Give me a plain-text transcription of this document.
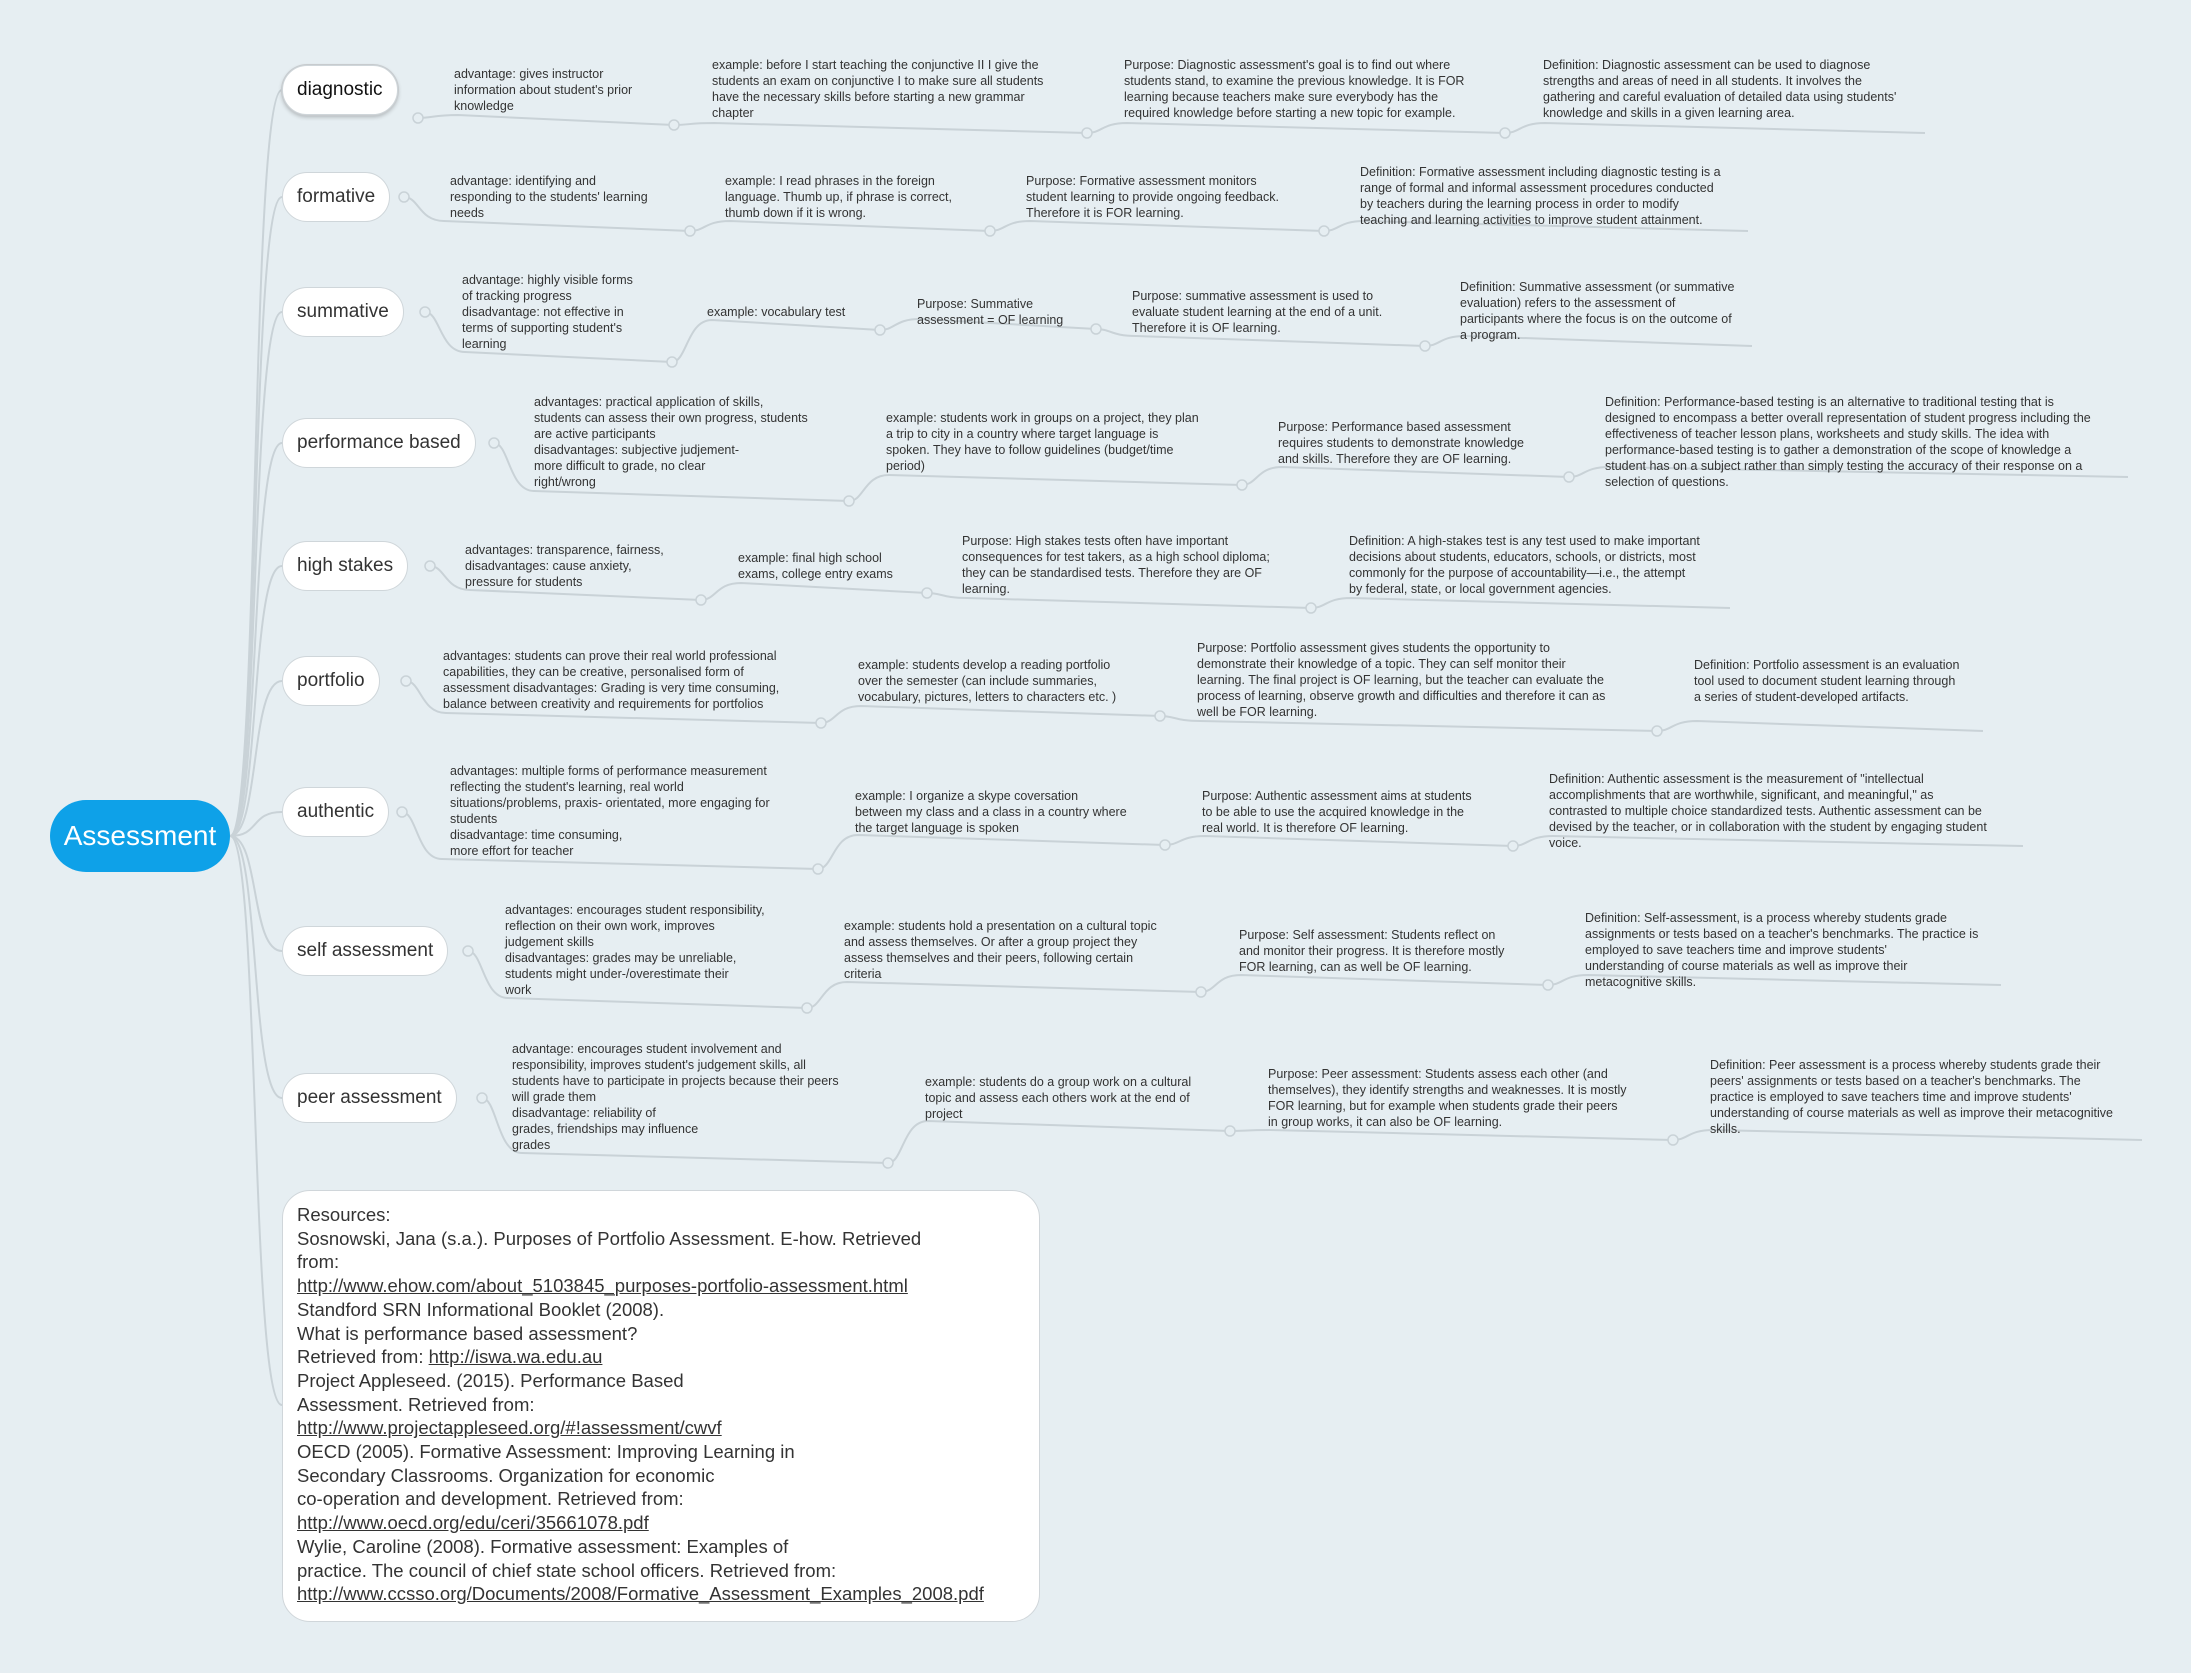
Assessment
diagnostic
advantage: gives instructor
information about student's prior
knowledge
example: before I start teaching the conjunctive II I give the
students an exam on conjunctive I to make sure all students
have the necessary skills before starting a new grammar
chapter
Purpose: Diagnostic assessment's goal is to find out where
students stand, to examine the previous knowledge. It is FOR
learning because teachers make sure everybody has the
required knowledge before starting a new topic for example.
Definition: Diagnostic assessment can be used to diagnose
strengths and areas of need in all students. It involves the
gathering and careful evaluation of detailed data using students'
knowledge and skills in a given learning area.
formative
advantage: identifying and
responding to the students' learning
needs
example: I read phrases in the foreign
language. Thumb up, if phrase is correct,
thumb down if it is wrong.
Purpose: Formative assessment monitors
student learning to provide ongoing feedback.
Therefore it is FOR learning.
Definition: Formative assessment including diagnostic testing is a
range of formal and informal assessment procedures conducted
by teachers during the learning process in order to modify
teaching and learning activities to improve student attainment.
summative
advantage: highly visible forms
of tracking progress
disadvantage: not effective in
terms of supporting student's
learning
example: vocabulary test
Purpose: Summative
assessment = OF learning
Purpose: summative assessment is used to
evaluate student learning at the end of a unit.
Therefore it is OF learning.
Definition: Summative assessment (or summative
evaluation) refers to the assessment of
participants where the focus is on the outcome of
a program.
performance based
advantages: practical application of skills,
students can assess their own progress, students
are active participants
disadvantages: subjective judjement-
more difficult to grade, no clear
right/wrong
example: students work in groups on a project, they plan
a trip to city in a country where target language is
spoken. They have to follow guidelines (budget/time
period)
Purpose: Performance based assessment
requires students to demonstrate knowledge
and skills. Therefore they are OF learning.
Definition: Performance-based testing is an alternative to traditional testing that is
designed to encompass a better overall representation of student progress including the
effectiveness of teacher lesson plans, worksheets and study skills. The idea with
performance-based testing is to gather a demonstration of the scope of knowledge a
student has on a subject rather than simply testing the accuracy of their response on a
selection of questions.
high stakes
advantages: transparence, fairness,
disadvantages: cause anxiety,
pressure for students
example: final high school
exams, college entry exams
Purpose: High stakes tests often have important
consequences for test takers, as a high school diploma;
they can be standardised tests. Therefore they are OF
learning.
Definition: A high-stakes test is any test used to make important
decisions about students, educators, schools, or districts, most
commonly for the purpose of accountability—i.e., the attempt
by federal, state, or local government agencies.
portfolio
advantages: students can prove their real world professional
capabilities, they can be creative, personalised form of
assessment disadvantages: Grading is very time consuming,
balance between creativity and requirements for portfolios
example: students develop a reading portfolio
over the semester (can include summaries,
vocabulary, pictures, letters to characters etc. )
Purpose: Portfolio assessment gives students the opportunity to
demonstrate their knowledge of a topic. They can self monitor their
learning. The final project is OF learning, but the teacher can evaluate the
process of learning, observe growth and difficulties and therefore it can as
well be FOR learning.
Definition: Portfolio assessment is an evaluation
tool used to document student learning through
a series of student-developed artifacts.
authentic
advantages: multiple forms of performance measurement
reflecting the student's learning, real world
situations/problems, praxis- orientated, more engaging for
students
disadvantage: time consuming,
more effort for teacher
example: I organize a skype coversation
between my class and a class in a country where
the target language is spoken
Purpose: Authentic assessment aims at students
to be able to use the acquired knowledge in the
real world. It is therefore OF learning.
Definition: Authentic assessment is the measurement of "intellectual
accomplishments that are worthwhile, significant, and meaningful," as
contrasted to multiple choice standardized tests. Authentic assessment can be
devised by the teacher, or in collaboration with the student by engaging student
voice.
self assessment
advantages: encourages student responsibility,
reflection on their own work, improves
judgement skills
disadvantages: grades may be unreliable,
students might under-/overestimate their
work
example: students hold a presentation on a cultural topic
and assess themselves. Or after a group project they
assess themselves and their peers, following certain
criteria
Purpose: Self assessment: Students reflect on
and monitor their progress. It is therefore mostly
FOR learning, can as well be OF learning.
Definition: Self-assessment, is a process whereby students grade
assignments or tests based on a teacher's benchmarks. The practice is
employed to save teachers time and improve students'
understanding of course materials as well as improve their
metacognitive skills.
peer assessment
advantage: encourages student involvement and
responsibility, improves student's judgement skills, all
students have to participate in projects because their peers
will grade them
disadvantage: reliability of
grades, friendships may influence
grades
example: students do a group work on a cultural
topic and assess each others work at the end of
project
Purpose: Peer assessment: Students assess each other (and
themselves), they identify strengths and weaknesses. It is mostly
FOR learning, but for example when students grade their peers
in group works, it can also be OF learning.
Definition: Peer assessment is a process whereby students grade their
peers' assignments or tests based on a teacher's benchmarks. The
practice is employed to save teachers time and improve students'
understanding of course materials as well as improve their metacognitive
skills.
Resources:
Sosnowski, Jana (s.a.). Purposes of Portfolio Assessment. E-how. Retrieved
from:
http://www.ehow.com/about_5103845_purposes-portfolio-assessment.html
Standford SRN Informational Booklet (2008).
What is performance based assessment?
Retrieved from: http://iswa.wa.edu.au
Project Appleseed. (2015). Performance Based
Assessment. Retrieved from:
http://www.projectappleseed.org/#!assessment/cwvf
OECD (2005). Formative Assessment: Improving Learning in
Secondary Classrooms. Organization for economic
co-operation and development. Retrieved from:
http://www.oecd.org/edu/ceri/35661078.pdf
Wylie, Caroline (2008). Formative assessment: Examples of
practice. The council of chief state school officers. Retrieved from:
http://www.ccsso.org/Documents/2008/Formative_Assessment_Examples_2008.pdf
